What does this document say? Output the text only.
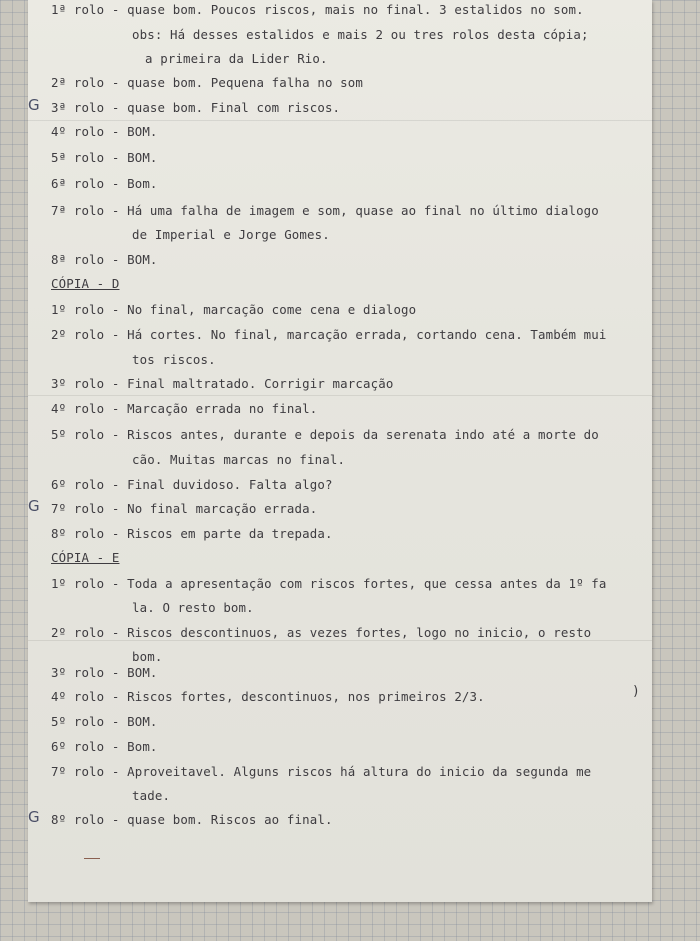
1ª rolo - quase bom. Poucos riscos, mais no final. 3 estalidos no som.
obs: Há desses estalidos e mais 2 ou tres rolos desta cópia;
a primeira da Lider Rio.
2ª rolo - quase bom. Pequena falha no som
3ª rolo - quase bom. Final com riscos.
4º rolo - BOM.
5ª rolo - BOM.
6ª rolo - Bom.
7ª rolo - Há uma falha de imagem e som, quase ao final no último dialogo
de Imperial e Jorge Gomes.
8ª rolo - BOM.
CÓPIA - D
1º rolo - No final, marcação come cena e dialogo
2º rolo - Há cortes. No final, marcação errada, cortando cena. Também mui
tos riscos.
3º rolo - Final maltratado. Corrigir marcação
4º rolo - Marcação errada no final.
5º rolo - Riscos antes, durante e depois da serenata indo até a morte do
cão. Muitas marcas no final.
6º rolo - Final duvidoso. Falta algo?
7º rolo - No final marcação errada.
8º rolo - Riscos em parte da trepada.
CÓPIA - E
1º rolo - Toda a apresentação com riscos fortes, que cessa antes da 1º fa
la. O resto bom.
2º rolo - Riscos descontinuos, as vezes fortes, logo no inicio, o resto
bom.
3º rolo - BOM.
4º rolo - Riscos fortes, descontinuos, nos primeiros 2/3.
5º rolo - BOM.
6º rolo - Bom.
7º rolo - Aproveitavel. Alguns riscos há altura do inicio da segunda me
tade.
8º rolo - quase bom. Riscos ao final.
G
G
G
)
